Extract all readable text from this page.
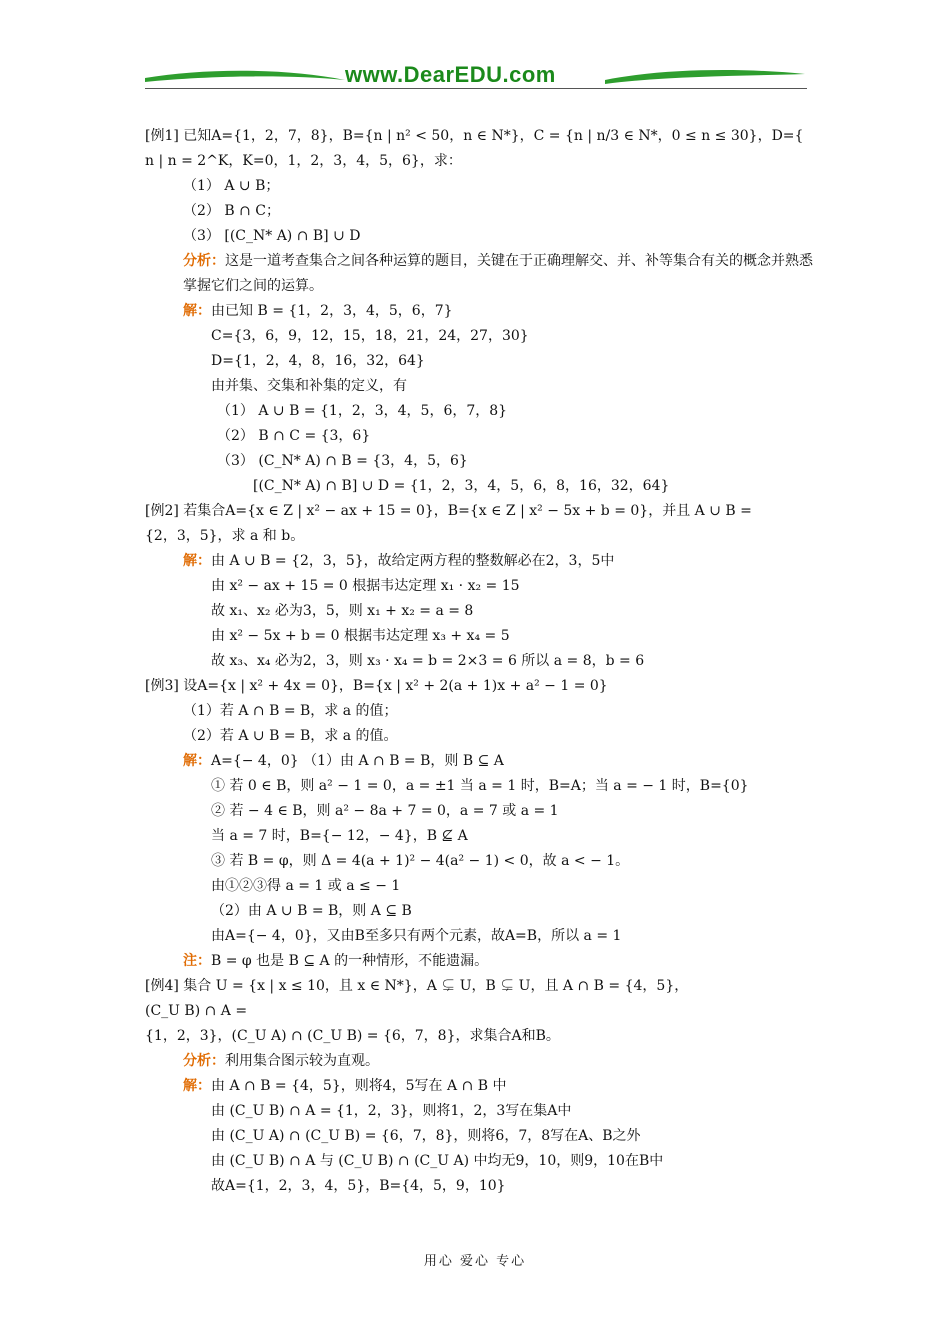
www.DearEDU.com
[例1] 已知A={1，2，7，8}，B={n | n² < 50，n ∈ N*}，C = {n | n/3 ∈ N*，0 ≤ n ≤ 30}，D={
n | n = 2^K，K=0，1，2，3，4，5，6}，求：
（1） A ∪ B；
（2） B ∩ C；
（3） [(C_N* A) ∩ B] ∪ D
分析：这是一道考查集合之间各种运算的题目，关键在于正确理解交、并、补等集合有关的概念并熟悉掌握它们之间的运算。
解：由已知 B = {1，2，3，4，5，6，7}
C={3，6，9，12，15，18，21，24，27，30}
D={1，2，4，8，16，32，64}
由并集、交集和补集的定义，有
（1） A ∪ B = {1，2，3，4，5，6，7，8}
（2） B ∩ C = {3，6}
（3） (C_N* A) ∩ B = {3，4，5，6}
[(C_N* A) ∩ B] ∪ D = {1，2，3，4，5，6，8，16，32，64}
[例2] 若集合A={x ∈ Z | x² − ax + 15 = 0}，B={x ∈ Z | x² − 5x + b = 0}，并且 A ∪ B =
{2，3，5}，求 a 和 b。
解：由 A ∪ B = {2，3，5}，故给定两方程的整数解必在2，3，5中
由 x² − ax + 15 = 0 根据韦达定理 x₁ · x₂ = 15
故 x₁、x₂ 必为3，5，则 x₁ + x₂ = a = 8
由 x² − 5x + b = 0 根据韦达定理 x₃ + x₄ = 5
故 x₃、x₄ 必为2，3，则 x₃ · x₄ = b = 2×3 = 6 所以 a = 8，b = 6
[例3] 设A={x | x² + 4x = 0}，B={x | x² + 2(a + 1)x + a² − 1 = 0}
（1）若 A ∩ B = B，求 a 的值；
（2）若 A ∪ B = B，求 a 的值。
解：A={− 4，0} （1）由 A ∩ B = B，则 B ⊆ A
① 若 0 ∈ B，则 a² − 1 = 0，a = ±1 当 a = 1 时，B=A；当 a = − 1 时，B={0}
② 若 − 4 ∈ B，则 a² − 8a + 7 = 0，a = 7 或 a = 1
当 a = 7 时，B={− 12，− 4}，B ⊈ A
③ 若 B = φ，则 Δ = 4(a + 1)² − 4(a² − 1) < 0，故 a < − 1。
由①②③得 a = 1 或 a ≤ − 1
（2）由 A ∪ B = B，则 A ⊆ B
由A={− 4，0}，又由B至多只有两个元素，故A=B，所以 a = 1
注：B = φ 也是 B ⊆ A 的一种情形，不能遗漏。
[例4] 集合 U = {x | x ≤ 10，且 x ∈ N*}，A ⊊ U，B ⊊ U，且 A ∩ B = {4，5}，
(C_U B) ∩ A =
{1，2，3}，(C_U A) ∩ (C_U B) = {6，7，8}，求集合A和B。
分析：利用集合图示较为直观。
解：由 A ∩ B = {4，5}，则将4，5写在 A ∩ B 中
由 (C_U B) ∩ A = {1，2，3}，则将1，2，3写在集A中
由 (C_U A) ∩ (C_U B) = {6，7，8}，则将6，7，8写在A、B之外
由 (C_U B) ∩ A 与 (C_U B) ∩ (C_U A) 中均无9，10，则9，10在B中
故A={1，2，3，4，5}，B={4，5，9，10}
用心 爱心 专心
